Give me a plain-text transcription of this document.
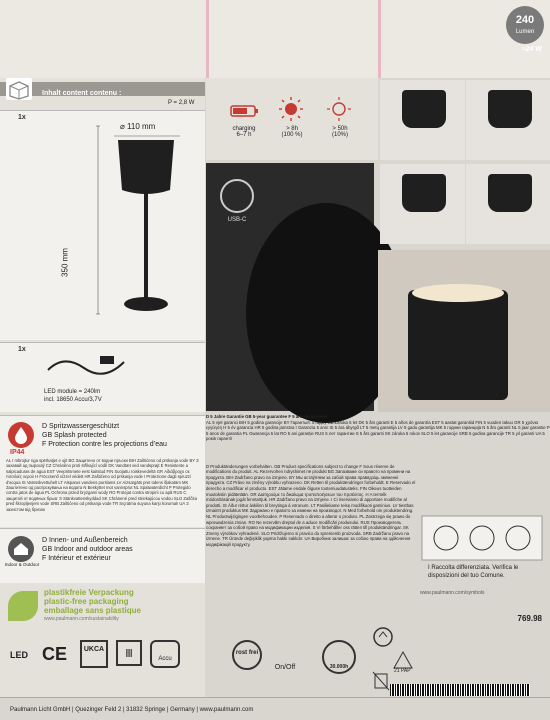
240
Lumen
≈24 W
Inhalt content contenu :
1x
P = 2,8 W
⌀ 110 mm
350 mm
1x
LED module = 240lm
incl. 18650 Accu/3,7V
IP44
D Spritzwassergeschützt
GB Splash protected
F Protection contre les projections d’eau
AL I mbrojtur nga spërkatjet e ujit BG Защитено от водни пръски BIH Zaštićeno od prskanja vode BY З захавай ад пырскаў CZ Chráněno proti stříkající vodě DK Vandtæt ved vandsprøjt E Resistente a salpicaduras de agua EST Veepritsmete eest kaitstud FIN Suojattu roiskevedeltä GR Αδιάβροχο σε πιτσιλιές νερού H Fröccsenő vízzel védett HR Zaštićeno od prskanja vode I Protezione dagli spruzzi d'acqua IS Vatnsskvettuhelt LT Atsparus vandens purslams LV Aizsargāts pret ūdens šļakatām MK Заштитено од распрскувања на водата N Beskyttet mot vannsprut NL Spatwaterdicht P Protegido contra jatos de água PL Ochrona przed bryzgami wody RO Protejat contra stropirii cu apă RUS С защитой от водяных брызг S Stänkvattenskyddad SK Chránené pred striekajúcou vodou SLO Zaščita pred škropljenjem vode SRB Zaštićeno od prskanja vode TR Sıçratma suyuna karşı korumalı UA З захистом від бризок
Indoor & Outdoor
D Innen- und Außenbereich
GB Indoor and outdoor areas
F Intérieur et extérieur
plastikfreie Verpackung
plastic-free packaging
emballage sans plastique
www.paulmann.com/sustainability
charging
6–7 h
> 8h
(100 %)
> 50h
(10%)
USB-C
D 5 Jahre Garantie GB 5-year guarantee F 5 ans de garantie
AL 5 vjet garanci BIH 5 godina garancije BY Гарантыя: 5 гадоў CZ Záruka 5 let DK 5 års garanti E 5 años de garantía EST 5 aastat garantiid FIN 5 vuoden takuu GR 5 χρόνια εγγύηση H 5 év garancia HR 5 godina jamstva I Garanzia 5 anni IS 5 ára ábyrgð LT 5 metų garantija LV 5 gadu garantija MK 5 години гаранција N 5 års garanti NL 5 jaar garantie P 5 anos de garantia PL Gwarancja 5 lat RO 5 ani garanție RUS 5 лет гарантии S 5 års garanti SK záruka 5 rokov SLO 5 let garancije SRB 5 godina garancije TR 5 yıl garanti UA 5 років гарантії
D Produktänderungen vorbehalten. GB Product specifications subject to change F Sous réserve de modifications du produit. AL Rezervohen ndryshimet në produkt BG Запазваме си правото на промени на продукта. BIH Zadržano pravo na izmjene. BY Мы астаўляем за сабой права правядзіць змяненні прадукта. CZ Právo na změny výrobku vyhrazeno. DK Retten til produktændringer forbeholdt. E Reservado el derecho a modificar el producto. EST Jätame endale õiguse tootemuudatusteks. FIN Oikeus tuotteiden muutoksiin pidätetään. GR Διατηρούμε το δικαίωμα τροποποιήσεων του προϊόντος. H A termék módosításának jogát fenntartjuk. HR Zadržano pravo na izmjene. I Ci riserviamo di apportare modifiche al prodotti. IS Áður réttur áskilinn til breytinga á vörunum. LT Pasiliekame teisę modifikuoti gaminius. LV tiesības izmainīt produktus MK Задржано е правото за измени на производот. N Med forbehold om produktendring. NL Productwijzigingen voorbehouden. P Reservado o direito a alterar o produto. PL Zastrzega się prawo do wprowadzenia zmian. RO Ne rezervăm dreptul de a aduce modificări produsului. RUS Производитель сохраняет за собой право на модификации изделия. S Vi förbehåller oss rätten till produktändringar. SK Zmeny výrobkov vyhradené. SLO Pridržujemo si pravico do sprememb proizvoda. SRB Zadržano pravo na izmene. TR Üründe değişiklik yapma hakkı saklıdır. UA Виробник залишає за собою права на здійснення модифікацій продукту.
I Raccolta differenziata. Verifica le disposizioni del tuo Comune.
www.paulmann.com/symbols
769.98
21 PAP
LED CE	UKCA	Ⅲ	Accu
rost frei
On/Off	30.000h
Paulmann Licht GmbH | Quezinger Feld 2 | 31832 Springe | Germany | www.paulmann.com
